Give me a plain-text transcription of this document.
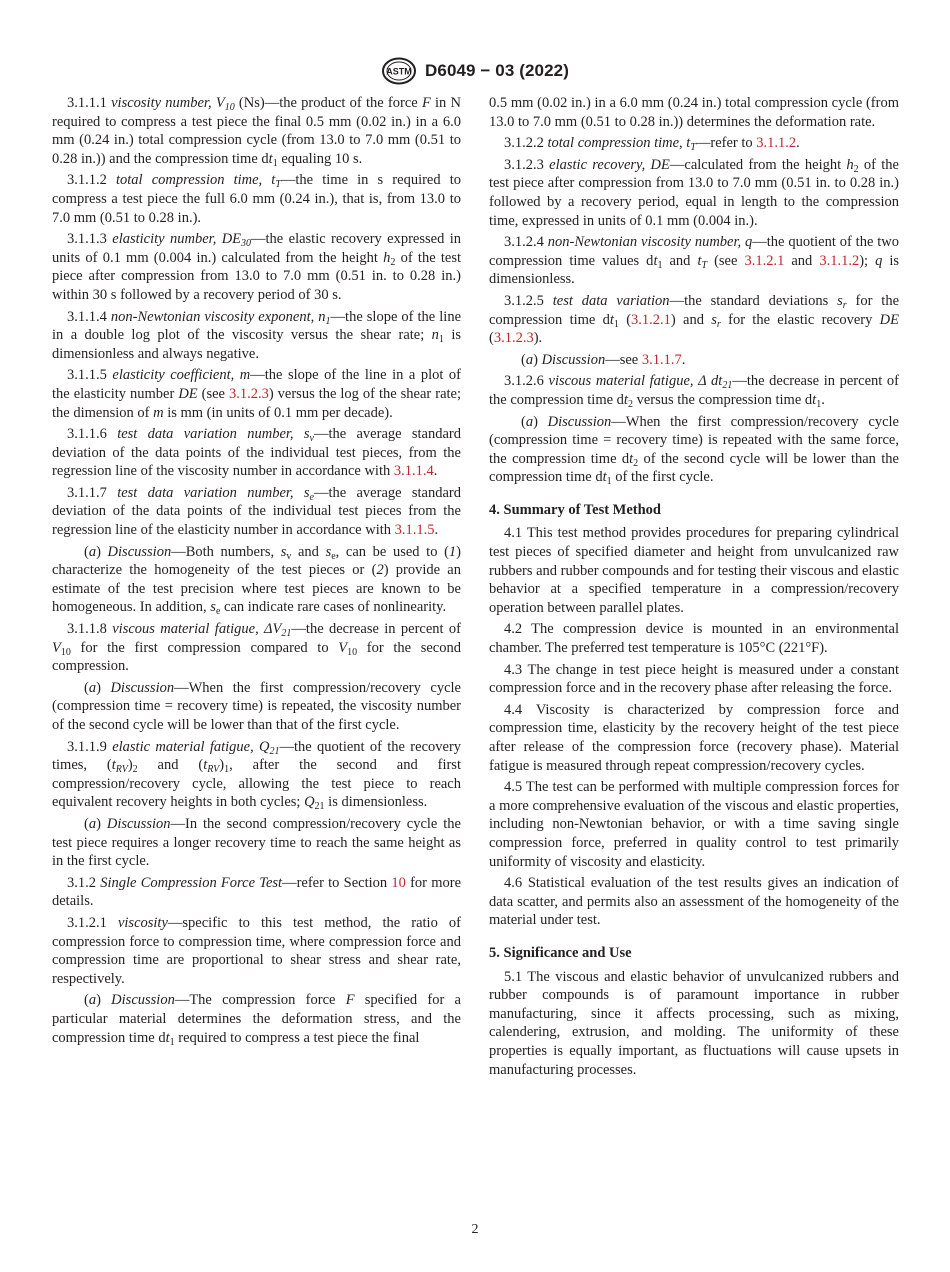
ASTM D6049 − 03 (2022)

3.1.1.1 viscosity number, $V_{10}$ (Ns)—the product of the force F in N required to compress a test piece the final 0.5 mm (0.02 in.) in a 6.0 mm (0.24 in.) total compression cycle (from 13.0 to 7.0 mm (0.51 to 0.28 in.)) and the compression time $dt_1$ equaling 10 s.

3.1.1.2 total compression time, $t_T—the$ time in s required to compress a test piece the full 6.0 mm (0.24 in.), that is, from 13.0 to 7.0 mm (0.51 to 0.28 in.).

3.1.1.3 elasticity number, $DE_{30}—the$ elastic recovery expressed in units of 0.1 mm (0.004 in.) calculated from the height $h_2$ of the test piece after compression from 13.0 to 7.0 mm (0.51 in. to 0.28 in.) within 30 s followed by a recovery period of 30 s.

3.1.1.4 non-Newtonian viscosity exponent, $n_1—the$ slope of the line in a double log plot of the viscosity versus the shear rate; $n_1$ is dimensionless and always negative.

3.1.1.5 elasticity coefficient, m—the slope of the line in a plot of the elasticity number DE (see 3.1.2.3) versus the log of the shear rate; the dimension of m is mm (in units of 0.1 mm per decade).

3.1.1.6 test data variation number, $s_v—the$ average standard deviation of the data points of the individual test pieces, from the regression line of the viscosity number in accordance with 3.1.1.4.

3.1.1.7 test data variation number, $s_e—the$ average standard deviation of the data points of the individual test pieces from the regression line of the elasticity number in accordance with 3.1.1.5.

(a) Discussion—Both numbers, $s_v$ and $s_e$, can be used to (1) characterize the homogeneity of the test pieces or (2) provide an estimate of the test precision where test pieces are known to be homogeneous. In addition, $s_e$ can indicate rare cases of nonlinearity.

3.1.1.8 viscous material fatigue, $\Delta V_{21}—the$ decrease in percent of $V_{10}$ for the first compression compared to $V_{10}$ for the second compression.

(a) Discussion—When the first compression/recovery cycle (compression time = recovery time) is repeated, the viscosity number of the second cycle will be lower than that of the first cycle.

3.1.1.9 elastic material fatigue, $Q_{21}—the$ quotient of the recovery times, $(t_{RV})_2$ and $(t_{RV})_1$, after the second and first compression/recovery cycle, allowing the test piece to reach equivalent recovery heights in both cycles; $Q_{21}$ is dimensionless.

(a) Discussion—In the second compression/recovery cycle the test piece requires a longer recovery time to reach the same height as in the first cycle.

3.1.2 Single Compression Force Test—refer to Section 10 for more details.

3.1.2.1 viscosity—specific to this test method, the ratio of compression force to compression time, where compression force and compression time are proportional to shear stress and shear rate, respectively.

(a) Discussion—The compression force F specified for a particular material determines the deformation stress, and the compression time $dt_1$ required to compress a test piece the final

0.5 mm (0.02 in.) in a 6.0 mm (0.24 in.) total compression cycle (from 13.0 to 7.0 mm (0.51 to 0.28 in.)) determines the deformation rate.

3.1.2.2 total compression time, $t_T—refer$ to 3.1.1.2.

3.1.2.3 elastic recovery, DE—calculated from the height $h_2$ of the test piece after compression from 13.0 to 7.0 mm (0.51 in. to 0.28 in.) followed by a recovery period, equal in length to the compression time, expressed in units of 0.1 mm (0.004 in.).

3.1.2.4 non-Newtonian viscosity number, q—the quotient of the two compression time values $dt_1$ and $t_T$ (see 3.1.2.1 and 3.1.1.2); q is dimensionless.

3.1.2.5 test data variation—the standard deviations $s_r$ for the compression time $dt_1$ (3.1.2.1) and $s_r$ for the elastic recovery DE (3.1.2.3).

(a) Discussion—see 3.1.1.7.

3.1.2.6 viscous material fatigue, Δ $dt_{21}—the$ decrease in percent of the compression time $dt_2$ versus the compression time $dt_1$.

(a) Discussion—When the first compression/recovery cycle (compression time = recovery time) is repeated with the same force, the compression time $dt_2$ of the second cycle will be lower than the compression time $dt_1$ of the first cycle.

4. Summary of Test Method

4.1 This test method provides procedures for preparing cylindrical test pieces of specified diameter and height from unvulcanized raw rubbers and rubber compounds and for testing their viscous and elastic behavior at a specified temperature in a compression/recovery operation between parallel plates.

4.2 The compression device is mounted in an environmental chamber. The preferred test temperature is 105°C (221°F).

4.3 The change in test piece height is measured under a constant compression force and in the recovery phase after releasing the force.

4.4 Viscosity is characterized by compression force and compression time, elasticity by the recovery height of the test piece after release of the compression force (recovery phase). Material fatigue is measured through repeat compression/recovery cycles.

4.5 The test can be performed with multiple compression forces for a more comprehensive evaluation of the viscous and elastic properties, including non-Newtonian behavior, or with a time saving single compression force, preferred in quality control to test primarily uniformity of viscosity and elasticity.

4.6 Statistical evaluation of the test results gives an indication of data scatter, and permits also an assessment of the homogeneity of the material under test.

5. Significance and Use

5.1 The viscous and elastic behavior of unvulcanized rubbers and rubber compounds is of paramount importance in rubber manufacturing, since it affects processing, such as mixing, calendering, extrusion, and molding. The uniformity of these properties is equally important, as fluctuations will cause upsets in manufacturing processes.

2
